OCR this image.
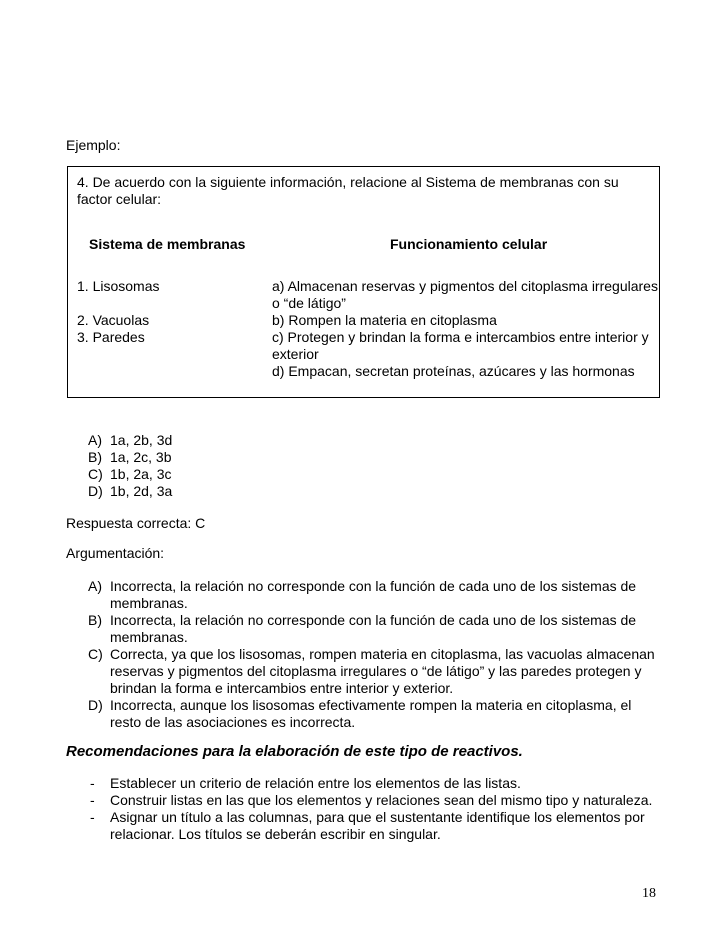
Ejemplo:
4. De acuerdo con la siguiente información, relacione al Sistema de membranas con su factor celular:
Sistema de membranas	Funcionamiento celular
1. Lisosomas
2. Vacuolas
3. Paredes
a) Almacenan reservas y pigmentos del citoplasma irregulares o “de látigo”
b) Rompen la materia en citoplasma
c) Protegen y brindan la forma e intercambios entre interior y exterior
d) Empacan, secretan proteínas, azúcares y las hormonas
A) 1a, 2b, 3d
B) 1a, 2c, 3b
C) 1b, 2a, 3c
D) 1b, 2d, 3a
Respuesta correcta: C
Argumentación:
A) Incorrecta, la relación no corresponde con la función de cada uno de los sistemas de membranas.
B) Incorrecta, la relación no corresponde con la función de cada uno de los sistemas de membranas.
C) Correcta, ya que los lisosomas, rompen materia en citoplasma, las vacuolas almacenan reservas y pigmentos del citoplasma irregulares o “de látigo” y las paredes protegen y brindan la forma e intercambios entre interior y exterior.
D) Incorrecta, aunque los lisosomas efectivamente rompen la materia en citoplasma, el resto de las asociaciones es incorrecta.
Recomendaciones para la elaboración de este tipo de reactivos.
- Establecer un criterio de relación entre los elementos de las listas.
- Construir listas en las que los elementos y relaciones sean del mismo tipo y naturaleza.
- Asignar un título a las columnas, para que el sustentante identifique los elementos por relacionar. Los títulos se deberán escribir en singular.
18
